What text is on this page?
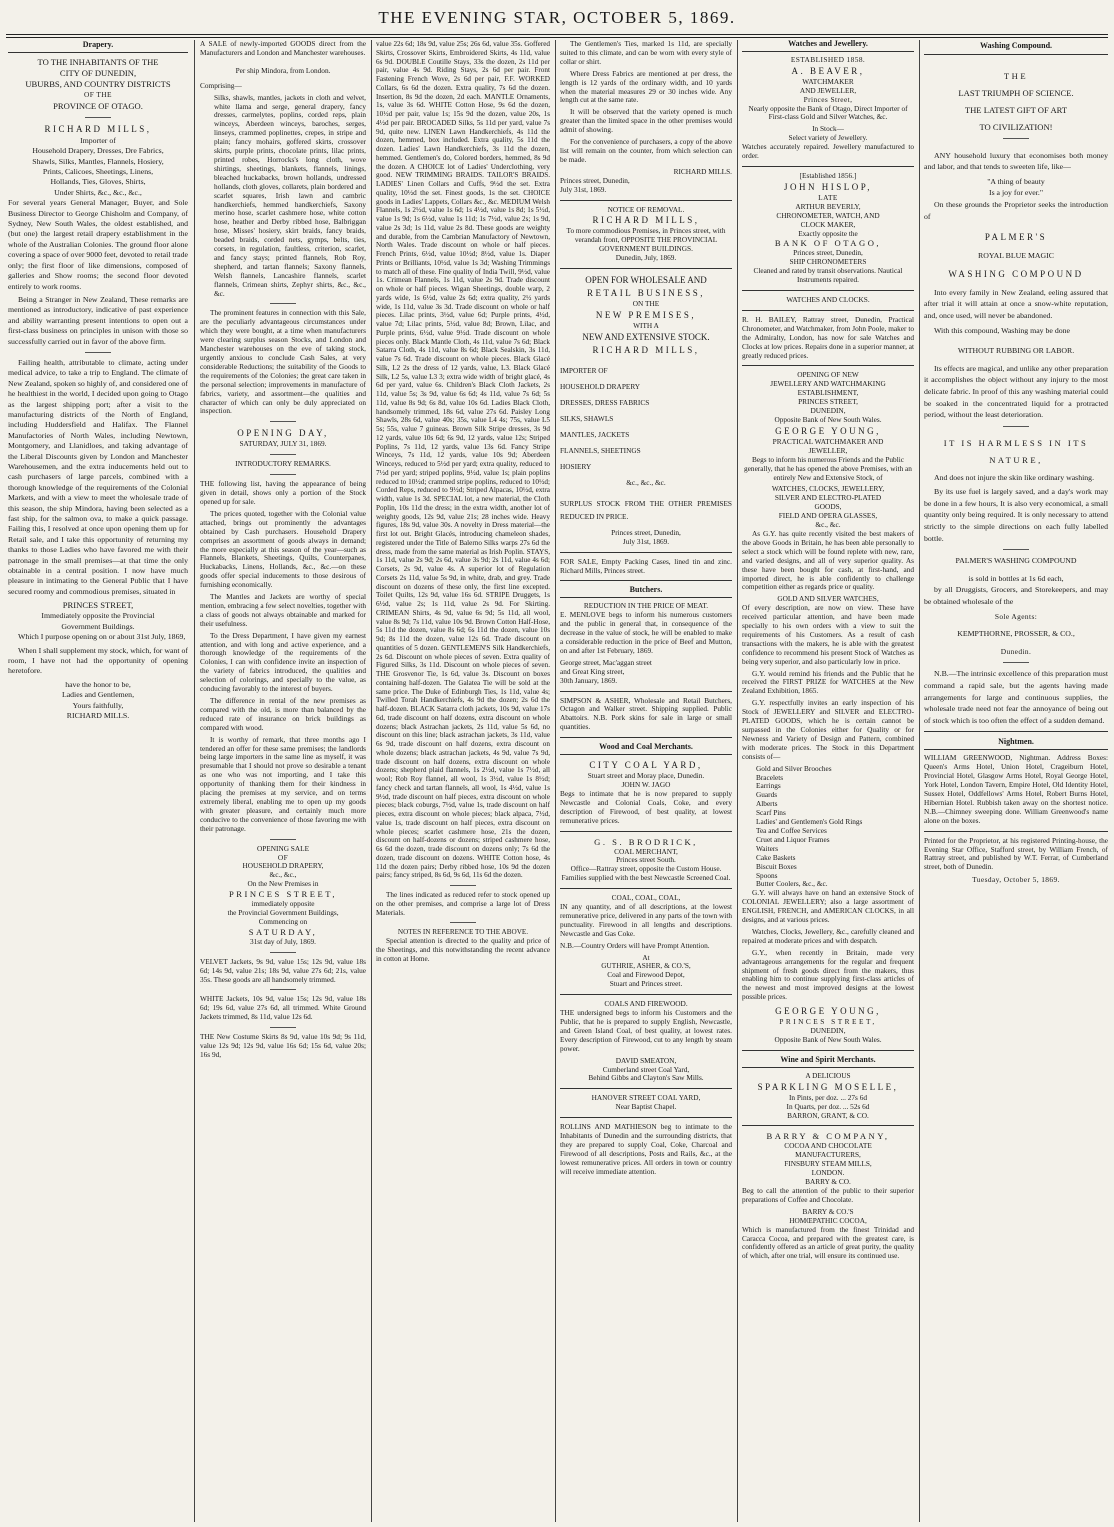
THE EVENING STAR, OCTOBER 5, 1869.
Drapery.
TO THE INHABITANTS OF THE
CITY OF DUNEDIN,
UBURBS, AND COUNTRY DISTRICTS
OF THE
PROVINCE OF OTAGO.
RICHARD MILLS,
Importer of
Household Drapery, Dresses, Dre Fabrics,
Shawls, Silks, Mantles, Flannels, Hosiery,
Prints, Calicoes, Sheetings, Linens,
Hollands, Ties, Gloves, Shirts,
Under Shirts, &c., &c., &c.,

For several years General Manager, Buyer, and Sole Business Director to George Chisholm and Company, of Sydney, New South Wales, the oldest established, and (but one) the largest retail drapery establishment in the whole of the Australian Colonies. The ground floor alone covering a space of over 9000 feet, devoted to retail trade only; the first floor of like dimensions, composed of galleries and Show rooms; the second floor devoted entirely to work rooms.

Being a Stranger in New Zealand, These remarks are mentioned as introductory, indicative of past experience and ability warranting present intentions to open out a first-class business on principles in unison with those so successfully carried out in favor of the above firm.

Failing health, attributable to climate, acting under medical advice, to take a trip to England. The climate of New Zealand, spoken so highly of, and considered one of he healthiest in the world, I decided upon going to Otago as the largest shipping port; after a visit to the manufacturing districts of the North of England, including Huddersfield and Halifax. The Flannel Manufactories of North Wales, including Newtown, Montgomery, and Llanidloes, and taking advantage of the Liberal Discounts given by London and Manchester Warehousemen, and the extra inducements held out to cash purchasers of large parcels, combined with a thorough knowledge of the requirements of the Colonial Markets, and with a view to meet the wholesale trade of this season, the ship Mindora, having been selected as a fast ship, for the salmon ova, to make a quick passage. Failing this, I resolved at once upon opening them up for Retail sale, and I take this opportunity of returning my thanks to those Ladies who have favored me with their patronage in the small premises—at that time the only obtainable in a central position. I now have much pleasure in intimating to the General Public that I have secured roomy and commodious premises, situated in

PRINCES STREET,
Immediately opposite the Provincial
Government Buildings.

Which I purpose opening on or about 31st July, 1869,

When I shall supplement my stock, which, for want of room, I have not had the opportunity of opening heretofore.

have the honor to be,
Ladies and Gentlemen,
Yours faithfully,
RICHARD MILLS.

A SALE of newly-imported GOODS direct from the Manufacturers and London and Manchester warehouses.

Per ship Mindora, from London.

Comprising—

Silks, shawls, mantles, jackets in cloth and velvet, white llama and serge, general drapery, fancy dresses, carmelytes, poplins, corded reps, plain winceys, Aberdeen winceys, baroches, serges, linseys, crammed poplinettes, crepes, in stripe and plain; fancy mohairs, goffered skirts, crossover skirts, purple prints, chocolate prints, lilac prints, printed robes, Horrocks's long cloth, wove shirtings, sheetings, blankets, flannels, linings, bleached huckabacks, brown hollands, undressed hollands, cloth gloves, collarets, plain bordered and scarlet squares, Irish lawn and cambric handkerchiefs, hemmed handkerchiefs, Saxony merino hose, scarlet cashmere hose, white cotton hose, heather and Derby ribbed hose, Balbriggan hose, Misses' hosiery, skirt braids, fancy braids, beaded braids, corded nets, gymps, belts, ties, corsets, in regulation, faultless, criterion, scarlet, and fancy stays; printed flannels, Rob Roy, shepherd, and tartan flannels; Saxony flannels, Welsh flannels, Lancashire flannels, scarlet flannels, Crimean shirts, Zephyr shirts, &c., &c., &c.

The prominent features in connection with this Sale, are the peculiarly advantageous circumstances under which they were bought, at a time when manufacturers were clearing surplus season Stocks, and London and Manchester warehouses on the eve of taking stock, urgently anxious to conclude Cash Sales, at very considerable Reductions; the suitability of the Goods to the requirements of the Colonies; the great care taken in the personal selection; improvements in manufacture of fabrics, variety, and assortment—the qualities and character of which can only be duly appreciated on inspection.

OPENING DAY,
SATURDAY, JULY 31, 1869.
INTRODUCTORY REMARKS.

THE following list, having the appearance of being given in detail, shows only a portion of the Stock opened up for sale.

The prices quoted, together with the Colonial value attached, brings out prominently the advantages obtained by Cash purchasers. Household Drapery comprises an assortment of goods always in demand; the more especially at this season of the year—such as Flannels, Blankets, Sheetings, Quilts, Counterpanes, Huckabacks, Linens, Hollands, &c., &c.—on these goods offer special inducements to those desirous of furnishing economically.

The Mantles and Jackets are worthy of special mention, embracing a few select novelties, together with a class of goods not always obtainable and marked for their usefulness.

To the Dress Department, I have given my earnest attention, and with long and active experience, and a thorough knowledge of the requirements of the Colonies, I can with confidence invite an inspection of the variety of fabrics introduced, the qualities and selection of colorings, and specially to the value, as conducing favorably to the interest of buyers.

The difference in rental of the new premises as compared with the old, is more than balanced by the reduced rate of insurance on brick buildings as compared with wood.

It is worthy of remark, that three months ago I tendered an offer for these same premises; the landlords being large importers in the same line as myself, it was presumable that I should not prove so desirable a tenant as one who was not importing, and I take this opportunity of thanking them for their kindness in placing the premises at my service, and on terms extremely liberal, enabling me to open up my goods with greater pleasure, and certainly much more conducive to the convenience of those favoring me with their patronage.

OPENING SALE
OF
HOUSEHOLD DRAPERY,
&c., &c.,
On the New Premises in
PRINCES STREET,
immediately opposite
the Provincial Government Buildings,
Commencing on
SATURDAY,
31st day of July, 1869.

VELVET Jackets, 9s 9d, value 15s; 12s 9d, value 18s 6d; 14s 9d, value 21s; 18s 9d, value 27s 6d; 21s, value 35s. These goods are all handsomely trimmed.

WHITE Jackets, 10s 9d, value 15s; 12s 9d, value 18s 6d; 19s 6d, value 27s 6d, all trimmed. White Ground Jackets trimmed, 8s 11d, value 12s 6d.

THE New Costume Skirts 8s 9d, value 10s 9d; 9s 11d, value 12s 9d; 12s 9d, value 16s 6d; 15s 6d, value 20s; 16s 9d,

value 22s 6d; 18s 9d, value 25s; 26s 6d, value 35s. Goffered Skirts, Crossover Skirts, Embroidered Skirts, 4s 11d, value 6s 9d. DOUBLE Coutille Stays, 33s the dozen, 2s 11d per pair, value 4s 9d. Riding Stays, 2s 6d per pair. Front Fastening French Wove, 2s 6d per pair, F.F. WORKED Collars, 6s 6d the dozen. Extra quality, 7s 6d the dozen. Insertion, 8s 9d the dozen, 2d each. MANTLE Ornaments, 1s, value 3s 6d. WHITE Cotton Hose, 9s 6d the dozen, 10½d per pair, value 1s; 15s 9d the dozen, value 20s, 1s 4½d per pair. BROCADED Silks, 5s 11d per yard, value 7s 9d, quite new. LINEN Lawn Handkerchiefs, 4s 11d the dozen, hemmed, box included. Extra quality, 5s 11d the dozen. Ladies' Lawn Handkerchiefs, 3s 11d the dozen, hemmed. Gentlemen's do, Colored borders, hemmed, 8s 9d the dozen. A CHOICE lot of Ladies' Underclothing, very good. NEW TRIMMING BRAIDS. TAILOR'S BRAIDS. LADIES' Linen Collars and Cuffs, 9½d the set. Extra quality, 10½d the set. Finest goods, 1s the set. CHOICE goods in Ladies' Lappets, Collars &c., &c. MEDIUM Welsh Flannels, 1s 2½d, value 1s 6d; 1s 4½d, value 1s 8d; 1s 5½d, value 1s 9d; 1s 6½d, value 1s 11d; 1s 7½d, value 2s; 1s 9d, value 2s 3d; 1s 11d, value 2s 8d. These goods are weighty and durable, from the Cambrian Manufactory of Newtown, North Wales. Trade discount on whole or half pieces. French Prints, 6½d, value 10½d; 8½d, value 1s. Diaper Prints or Brilliants, 10½d, value 1s 3d; Washing Trimmings to match all of these. Fine quality of India Twill, 9½d, value 1s. Crimean Flannels, 1s 11d, value 2s 9d. Trade discount on whole or half pieces. Wigan Sheetings, double warp, 2 yards wide, 1s 6½d, value 2s 6d; extra quality, 2½ yards wide, 1s 11d, value 3s 3d. Trade discount on whole or half pieces. Lilac prints, 3½d, value 6d; Purple prints, 4½d, value 7d; Lilac prints, 5½d, value 8d; Brown, Lilac, and Purple prints, 6½d, value 9½d. Trade discount on whole pieces only. Black Mantle Cloth, 4s 11d, value 7s 6d; Black Satarra Cloth, 4s 11d, value 8s 6d; Black Sealskin, 3s 11d, value 7s 6d. Trade discount on whole pieces. Black Glacé Silk, L2 2s the dress of 12 yards, value, L3. Black Glacé Silk, L2 5s, value L3 3; extra wide width of bright glacé, 4s 6d per yard, value 6s. Children's Black Cloth Jackets, 2s 11d, value 5s; 3s 9d, value 6s 6d; 4s 11d, value 7s 6d; 5s 11d, value 8s 9d; 6s 8d, value 10s 6d. Ladies Black Cloth, handsomely trimmed, 18s 6d, value 27s 6d. Paisley Long Shawls, 28s 6d, value 40s; 35s, value L4 4s; 75s, value L5 5s; 55s, value 7 guineas. Brown Silk Stripe dresses, 3s 9d 12 yards, value 10s 6d; 6s 9d, 12 yards, value 12s; Striped Poplins, 7s 11d, 12 yards, value 13s 6d. Fancy Stripe Winceys, 7s 11d, 12 yards, value 10s 9d; Aberdeen Winceys, reduced to 5½d per yard; extra quality, reduced to 7½d per yard; striped poplins, 9½d, value 1s; plain poplins reduced to 10½d; crammed stripe poplins, reduced to 10½d; Corded Reps, reduced to 9½d; Striped Alpacas, 10½d, extra width, value 1s 3d. SPECIAL lot, a new material, the Cloth Poplin, 10s 11d the dress; in the extra width, another lot of weighty goods, 12s 9d, value 21s; 28 inches wide. Heavy figures, 18s 9d, value 30s. A novelty in Dress material—the first lot out. Bright Glacés, introducing chameleon shades, registered under the Title of Balerno Silks warps 27s 6d the dress, made from the same material as Irish Poplin. STAYS, 1s 11d, value 2s 9d; 2s 6d, value 3s 9d; 2s 11d, value 4s 6d; Corsets, 2s 9d, value 4s. A superior lot of Regulation Corsets 2s 11d, value 5s 9d, in white, drab, and grey. Trade discount on dozens of these only, the first line excepted. Toilet Quilts, 12s 9d, value 16s 6d. STRIPE Druggets, 1s 6½d, value 2s; 1s 11d, value 2s 9d. For Skirting. CRIMEAN Shirts, 4s 9d, value 6s 9d; 5s 11d, all wool, value 8s 9d; 7s 11d, value 10s 9d. Brown Cotton Half-Hose, 5s 11d the dozen, value 8s 6d; 6s 11d the dozen, value 10s 9d; 8s 11d the dozen, value 12s 6d. Trade discount on quantities of 5 dozen. GENTLEMEN'S Silk Handkerchiefs, 2s 6d. Discount on whole pieces of seven. Extra quality of Figured Silks, 3s 11d. Discount on whole pieces of seven. THE Grosvenor Tie, 1s 6d, value 3s. Discount on boxes containing half-dozen. The Galatea Tie will be sold at the same price. The Duke of Edinburgh Ties, 1s 11d, value 4s; Twilled Torah Handkerchiefs, 4s 9d the dozen; 2s 6d the half-dozen. BLACK Satarra cloth jackets, 10s 9d, value 17s 6d, trade discount on half dozens, extra discount on whole dozens; black Astrachan jackets, 2s 11d, value 5s 6d, no discount on this line; black astrachan jackets, 3s 11d, value 6s 9d, trade discount on half dozens, extra discount on whole dozens; black astrachan jackets, 4s 9d, value 7s 9d, trade discount on half dozens, extra discount on whole dozens; shepherd plaid flannels, 1s 2½d, value 1s 7½d, all wool; Rob Roy flannel, all wool, 1s 3½d, value 1s 8½d; fancy check and tartan flannels, all wool, 1s 4½d, value 1s 9½d, trade discount on half pieces, extra discount on whole pieces; black coburgs, 7½d, value 1s, trade discount on half pieces, extra discount on whole pieces; black alpaca, 7½d, value 1s, trade discount on half pieces, extra discount on whole pieces; scarlet cashmere hose, 21s the dozen, discount on half-dozens or dozens; striped cashmere hose, 6s 6d the dozen, trade discount on dozens only; 7s 6d the dozen, trade discount on dozens. WHITE Cotton hose, 4s 11d the dozen pairs; Derby ribbed hose, 10s 9d the dozen pairs; fancy striped, 8s 6d, 9s 6d, 11s 6d the dozen.

The lines indicated as reduced refer to stock opened up on the other premises, and comprise a large lot of Dress Materials.

NOTES IN REFERENCE TO THE ABOVE.

Special attention is directed to the quality and price of the Sheetings, and this notwithstanding the recent advance in cotton at Home.

The Gentlemen's Ties, marked 1s 11d, are specially suited to this climate, and can be worn with every style of collar or shirt.

Where Dress Fabrics are mentioned at per dress, the length is 12 yards of the ordinary width, and 10 yards when the material measures 29 or 30 inches wide. Any length cut at the same rate.

It will be observed that the variety opened is much greater than the limited space in the other premises would admit of showing.

For the convenience of purchasers, a copy of the above list will remain on the counter, from which selection can be made.

RICHARD MILLS.
Princes street, Dunedin,
July 31st, 1869.
NOTICE OF REMOVAL.
RICHARD MILLS,
To more commodious Premises, in Princes street, with verandah front, OPPOSITE THE PROVINCIAL GOVERNMENT BUILDINGS.
Dunedin, July, 1869.
OPEN FOR WHOLESALE AND
RETAIL BUSINESS,
ON THE
NEW PREMISES,
WITH A
NEW AND EXTENSIVE STOCK.
RICHARD MILLS,
IMPORTER OF
HOUSEHOLD DRAPERY
DRESSES, DRESS FABRICS
SILKS, SHAWLS
MANTLES, JACKETS
FLANNELS, SHEETINGS
HOSIERY
&c., &c., &c.
SURPLUS STOCK FROM THE OTHER PREMISES REDUCED IN PRICE.
Princes street, Dunedin,
July 31st, 1869.

FOR SALE, Empty Packing Cases, lined tin and zinc. Richard Mills, Princes street.

Butchers.
REDUCTION IN THE PRICE OF MEAT.

E. MENLOVE begs to inform his numerous customers and the public in general that, in consequence of the decrease in the value of stock, he will be enabled to make a considerable reduction in the price of Beef and Mutton, on and after 1st February, 1869.

George street, Mac'aggan street
and Great King street,
30th January, 1869.

SIMPSON & ASHER, Wholesale and Retail Butchers, Octagon and Walker street. Shipping supplied. Public Abattoirs. N.B. Pork skins for sale in large or small quantities.

Wood and Coal Merchants.
CITY COAL YARD,
Stuart street and Moray place, Dunedin.
JOHN W. JAGO

Begs to intimate that he is now prepared to supply Newcastle and Colonial Coals, Coke, and every description of Firewood, of best quality, at lowest remunerative prices.

G. S. BRODRICK,
COAL MERCHANT,
Princes street South.
Office—Rattray street, opposite the Custom House.
Families supplied with the best Newcastle Screened Coal.
COAL, COAL, COAL,

IN any quantity, and of all descriptions, at the lowest remunerative price, delivered in any parts of the town with punctuality. Firewood in all lengths and descriptions. Newcastle and Gas Coke.

N.B.—Country Orders will have Prompt Attention.

At
GUTHRIE, ASHER, & CO.'S,
Coal and Firewood Depot,
Stuart and Princes street.
COALS AND FIREWOOD.

THE undersigned begs to inform his Customers and the Public, that he is prepared to supply English, Newcastle, and Green Island Coal, of best quality, at lowest rates. Every description of Firewood, cut to any length by steam power.

DAVID SMEATON,
Cumberland street Coal Yard,
Behind Gibbs and Clayton's Saw Mills.
HANOVER STREET COAL YARD,
Near Baptist Chapel.

ROLLINS AND MATHIESON beg to intimate to the Inhabitants of Dunedin and the surrounding districts, that they are prepared to supply Coal, Coke, Charcoal and Firewood of all descriptions, Posts and Rails, &c., at the lowest remunerative prices. All orders in town or country will receive immediate attention.

Watches and Jewellery.
ESTABLISHED 1858.
A. BEAVER,
WATCHMAKER
AND JEWELLER,
Princes Street,

Nearly opposite the Bank of Otago, Direct Importer of First-class Gold and Silver Watches, &c.

In Stock—
Select variety of Jewellery.

Watches accurately repaired. Jewellery manufactured to order.

[Established 1856.]
JOHN HISLOP,
LATE
ARTHUR BEVERLY,
CHRONOMETER, WATCH, AND
CLOCK MAKER,
Exactly opposite the
BANK OF OTAGO,
Princes street, Dunedin,
SHIP CHRONOMETERS

Cleaned and rated by transit observations. Nautical Instruments repaired.

WATCHES AND CLOCKS.

R. H. BAILEY, Rattray street, Dunedin, Practical Chronometer, and Watchmaker, from John Poole, maker to the Admiralty, London, has now for sale Watches and Clocks at low prices. Repairs done in a superior manner, at greatly reduced prices.

OPENING OF NEW
JEWELLERY AND WATCHMAKING
ESTABLISHMENT,
PRINCES STREET,
DUNEDIN,
Opposite Bank of New South Wales.
GEORGE YOUNG,
PRACTICAL WATCHMAKER AND
JEWELLER,

Begs to inform his numerous Friends and the Public generally, that he has opened the above Premises, with an entirely New and Extensive Stock, of

WATCHES, CLOCKS, JEWELLERY,
SILVER AND ELECTRO-PLATED
GOODS,
FIELD AND OPERA GLASSES,
&c., &c.

As G.Y. has quite recently visited the best makers of the above Goods in Britain, he has been able personally to select a stock which will be found replete with new, rare, and varied designs, and all of very superior quality. As these have been bought for cash, at first-hand, and imported direct, he is able confidently to challenge competition either as regards price or quality.

GOLD AND SILVER WATCHES,

Of every description, are now on view. These have received particular attention, and have been made specially to his own orders with a view to suit the requirements of his Customers. As a result of cash transactions with the makers, he is able with the greatest confidence to recommend his present Stock of Watches as being very superior, and also particularly low in price.

G.Y. would remind his friends and the Public that he received the FIRST PRIZE for WATCHES at the New Zealand Exhibition, 1865.

G.Y. respectfully invites an early inspection of his Stock of JEWELLERY and SILVER and ELECTRO-PLATED GOODS, which he is certain cannot be surpassed in the Colonies either for Quality or for Newness and Variety of Design and Pattern, combined with moderate prices. The Stock in this Department consists of—

Gold and Silver Brooches
Bracelets
Earrings
Guards
Alberts
Scarf Pins
Ladies' and Gentlemen's Gold Rings
Tea and Coffee Services
Cruet and Liquor Frames
Waiters
Cake Baskets
Biscuit Boxes
Spoons
Butter Coolers, &c., &c.

G.Y. will always have on hand an extensive Stock of COLONIAL JEWELLERY; also a large assortment of ENGLISH, FRENCH, and AMERICAN CLOCKS, in all designs, and at various prices.

Watches, Clocks, Jewellery, &c., carefully cleaned and repaired at moderate prices and with despatch.

G.Y., when recently in Britain, made very advantageous arrangements for the regular and frequent shipment of fresh goods direct from the makers, thus enabling him to continue supplying first-class articles of the newest and most improved designs at the lowest possible prices.

GEORGE YOUNG,
PRINCES STREET,
DUNEDIN,
Opposite Bank of New South Wales.
Wine and Spirit Merchants.
A DELICIOUS
SPARKLING MOSELLE,
In Pints, per doz. ... 27s 6d
In Quarts, per doz. ... 52s 6d
BARRON, GRANT, & CO.
BARRY & COMPANY,
COCOA AND CHOCOLATE
MANUFACTURERS,
FINSBURY STEAM MILLS,
LONDON.
BARRY & CO.

Beg to call the attention of the public to their superior preparations of Coffee and Chocolate.

BARRY & CO.'S
HOMŒPATHIC COCOA,

Which is manufactured from the finest Trinidad and Caracca Cocoa, and prepared with the greatest care, is confidently offered as an article of great purity, the quality of which, after one trial, will ensure its continued use.

Washing Compound.
THE
LAST TRIUMPH OF SCIENCE.
THE LATEST GIFT OF ART
TO CIVILIZATION!

ANY household luxury that economises both money and labor, and that tends to sweeten life, like—

"A thing of beauty
Is a joy for ever."

On these grounds the Proprietor seeks the introduction of

PALMER'S
ROYAL BLUE MAGIC
WASHING COMPOUND

Into every family in New Zealand, eeling assured that after trial it will attain at once a snow-white reputation, and, once used, will never be abandoned.

With this compound, Washing may be done

WITHOUT RUBBING OR LABOR.

Its effects are magical, and unlike any other preparation it accomplishes the object without any injury to the most delicate fabric. In proof of this any washing material could be soaked in the concentrated liquid for a protracted period, without the least deterioration.

IT IS HARMLESS IN ITS
NATURE,

And does not injure the skin like ordinary washing.

By its use fuel is largely saved, and a day's work may be done in a few hours, It is also very economical, a small quantity only being required. It is only necessary to attend strictly to the simple directions on each fully labelled bottle.

PALMER'S WASHING COMPOUND
is sold in bottles at 1s 6d each,

by all Druggists, Grocers, and Storekeepers, and may be obtained wholesale of the

Sole Agents:
KEMPTHORNE, PROSSER, & CO.,
Dunedin.

N.B.—The intrinsic excellence of this preparation must command a rapid sale, but the agents having made arrangements for large and continuous supplies, the wholesale trade need not fear the annoyance of being out of stock which is too often the effect of a sudden demand.

Nightmen.

WILLIAM GREENWOOD, Nightman. Address Boxes: Queen's Arms Hotel, Union Hotel, Crageiburn Hotel, Provincial Hotel, Glasgow Arms Hotel, Royal George Hotel, York Hotel, London Tavern, Empire Hotel, Old Identity Hotel, Sussex Hotel, Oddfellows' Arms Hotel, Robert Burns Hotel, Hibernian Hotel. Rubbish taken away on the shortest notice. N.B.—Chimney sweeping done. William Greenwood's name alone on the boxes.

Printed for the Proprietor, at his registered Printing-house, the Evening Star Office, Stafford street, by William French, of Rattray street, and published by W.T. Ferrar, of Cumberland street, both of Dunedin.

Tuesday, October 5, 1869.
